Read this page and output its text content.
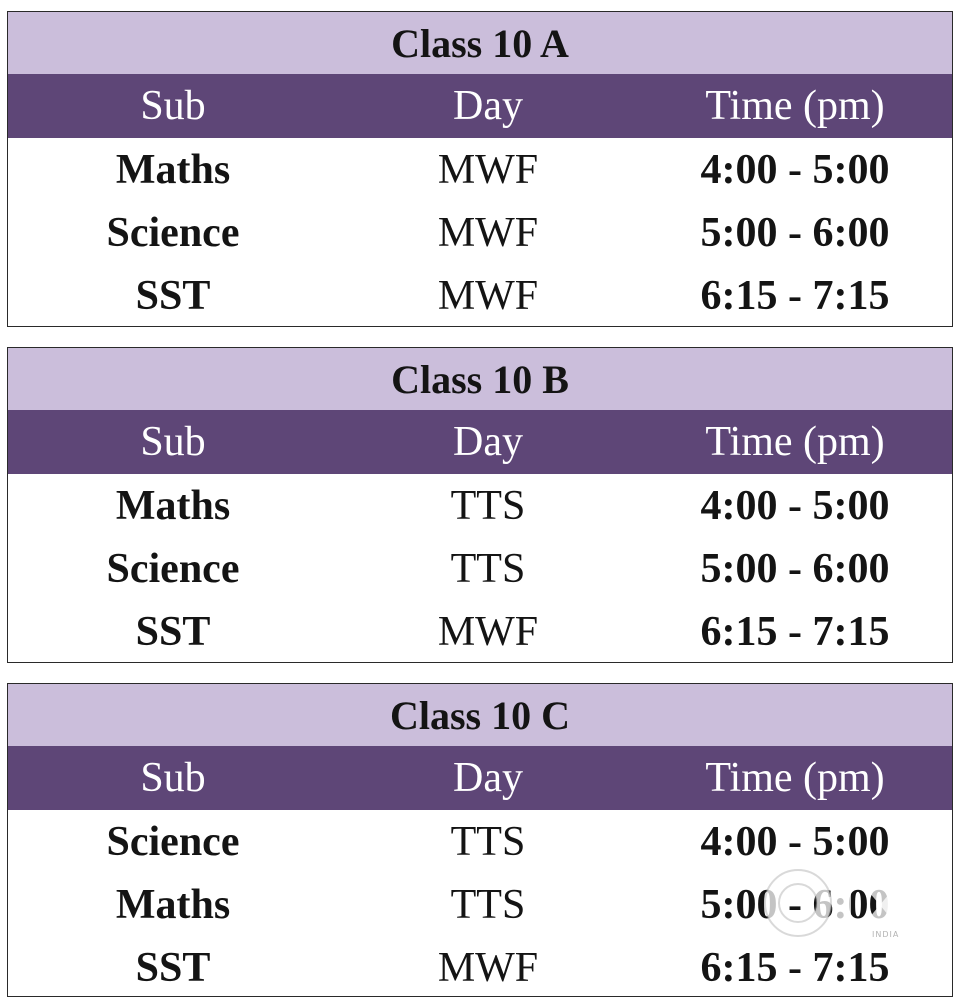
Class 10 A
Sub	Day	Time (pm)
Maths	MWF	4:00 - 5:00
Science	MWF	5:00 - 6:00
SST	MWF	6:15 - 7:15
Class 10 B
Sub	Day	Time (pm)
Maths	TTS	4:00 - 5:00
Science	TTS	5:00 - 6:00
SST	MWF	6:15 - 7:15
Class 10 C
Sub	Day	Time (pm)
Science	TTS	4:00 - 5:00
Maths	TTS	5:00 - 6:00
SST	MWF	6:15 - 7:15
INDIA
